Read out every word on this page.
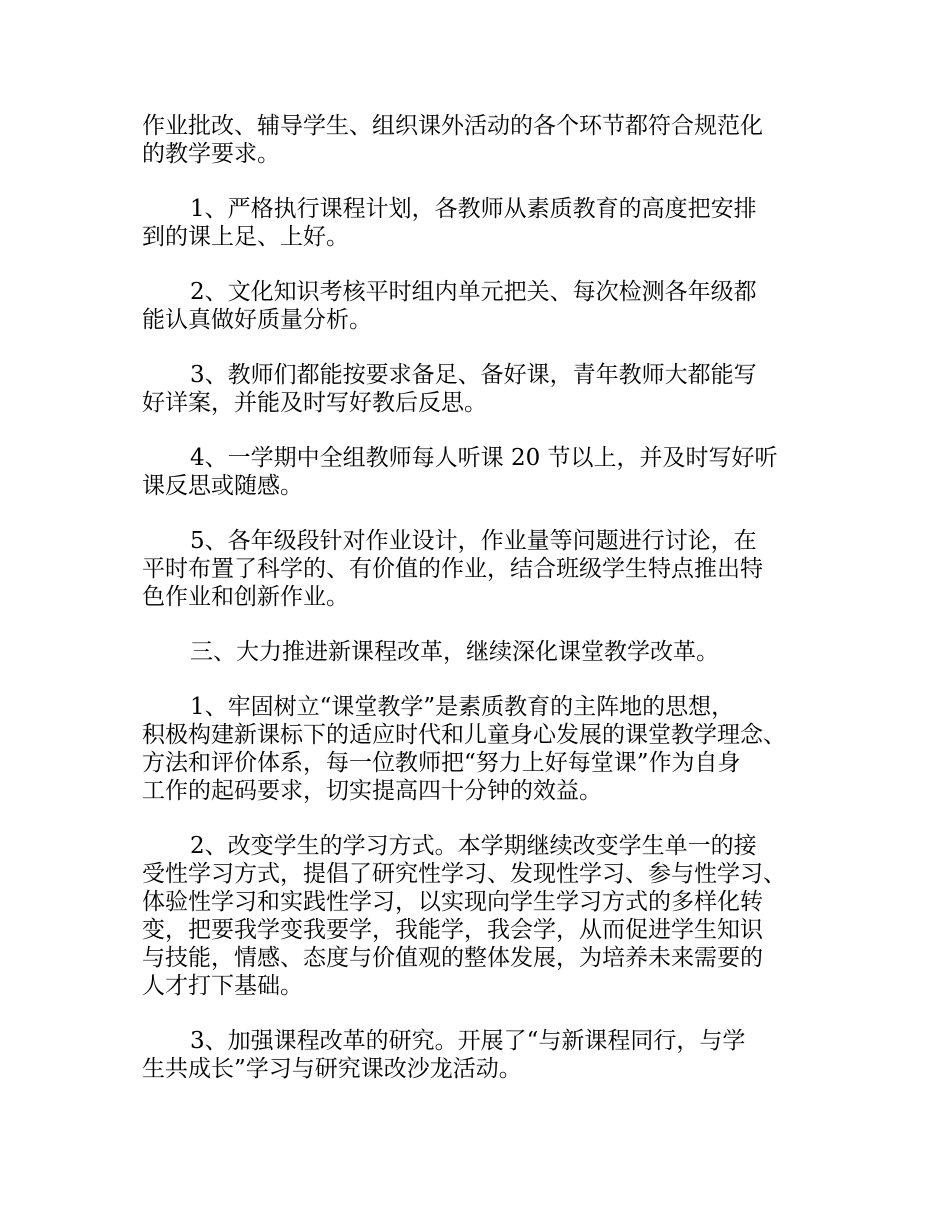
作业批改、辅导学生、组织课外活动的各个环节都符合规范化
的教学要求。
1、严格执行课程计划，各教师从素质教育的高度把安排
到的课上足、上好。
2、文化知识考核平时组内单元把关、每次检测各年级都
能认真做好质量分析。
3、教师们都能按要求备足、备好课，青年教师大都能写
好详案，并能及时写好教后反思。
4、一学期中全组教师每人听课 20 节以上，并及时写好听
课反思或随感。
5、各年级段针对作业设计，作业量等问题进行讨论，在
平时布置了科学的、有价值的作业，结合班级学生特点推出特
色作业和创新作业。
三、大力推进新课程改革，继续深化课堂教学改革。
1、牢固树立“课堂教学”是素质教育的主阵地的思想，
积极构建新课标下的适应时代和儿童身心发展的课堂教学理念、
方法和评价体系，每一位教师把“努力上好每堂课”作为自身
工作的起码要求，切实提高四十分钟的效益。
2、改变学生的学习方式。本学期继续改变学生单一的接
受性学习方式，提倡了研究性学习、发现性学习、参与性学习、
体验性学习和实践性学习，以实现向学生学习方式的多样化转
变，把要我学变我要学，我能学，我会学，从而促进学生知识
与技能，情感、态度与价值观的整体发展，为培养未来需要的
人才打下基础。
3、加强课程改革的研究。开展了“与新课程同行，与学
生共成长”学习与研究课改沙龙活动。
